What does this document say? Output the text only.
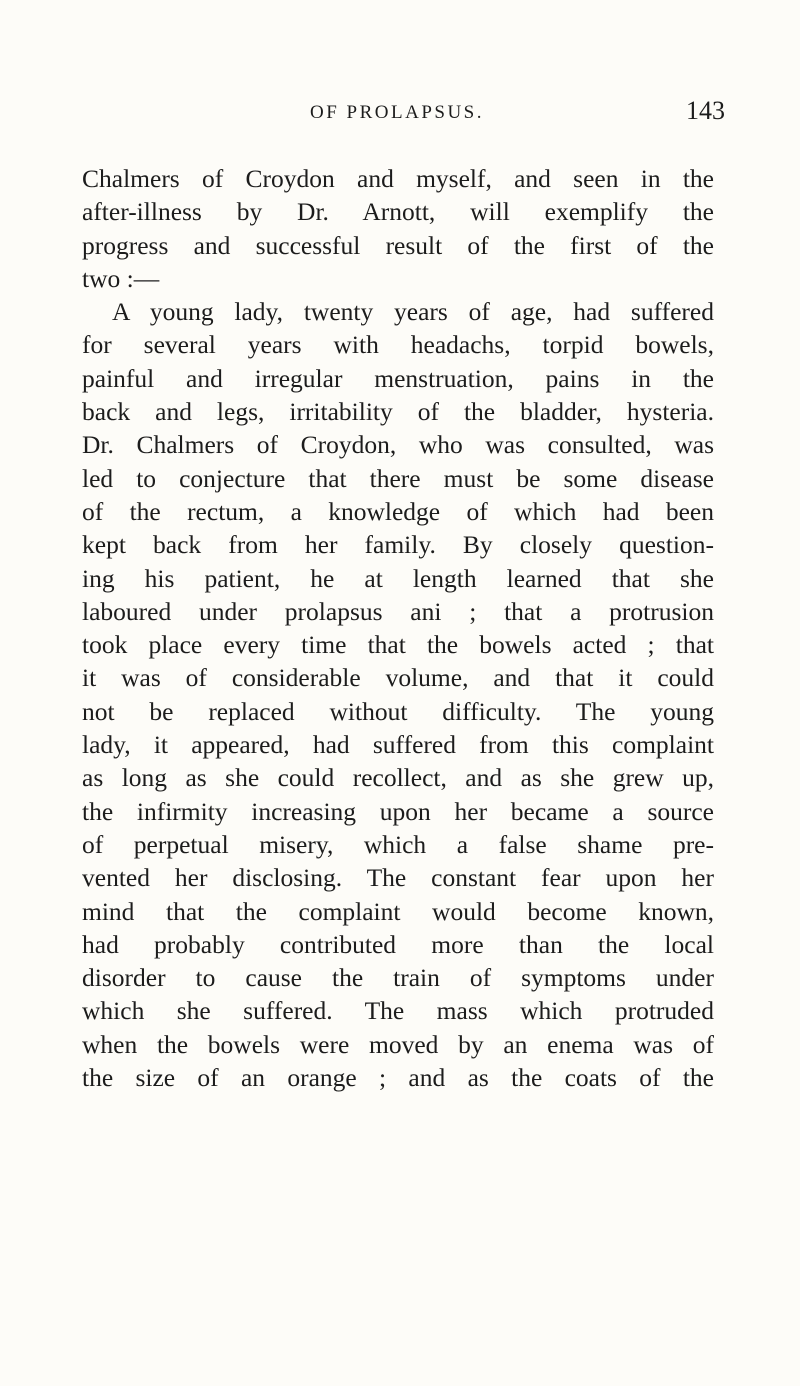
OF PROLAPSUS.	143
Chalmers of Croydon and myself, and seen in the
after-illness by Dr. Arnott, will exemplify the
progress and successful result of the first of the
two :—
A young lady, twenty years of age, had suffered
for several years with headachs, torpid bowels,
painful and irregular menstruation, pains in the
back and legs, irritability of the bladder, hysteria.
Dr. Chalmers of Croydon, who was consulted, was
led to conjecture that there must be some disease
of the rectum, a knowledge of which had been
kept back from her family. By closely question-
ing his patient, he at length learned that she
laboured under prolapsus ani ; that a protrusion
took place every time that the bowels acted ; that
it was of considerable volume, and that it could
not be replaced without difficulty. The young
lady, it appeared, had suffered from this complaint
as long as she could recollect, and as she grew up,
the infirmity increasing upon her became a source
of perpetual misery, which a false shame pre-
vented her disclosing. The constant fear upon her
mind that the complaint would become known,
had probably contributed more than the local
disorder to cause the train of symptoms under
which she suffered. The mass which protruded
when the bowels were moved by an enema was of
the size of an orange ; and as the coats of the
